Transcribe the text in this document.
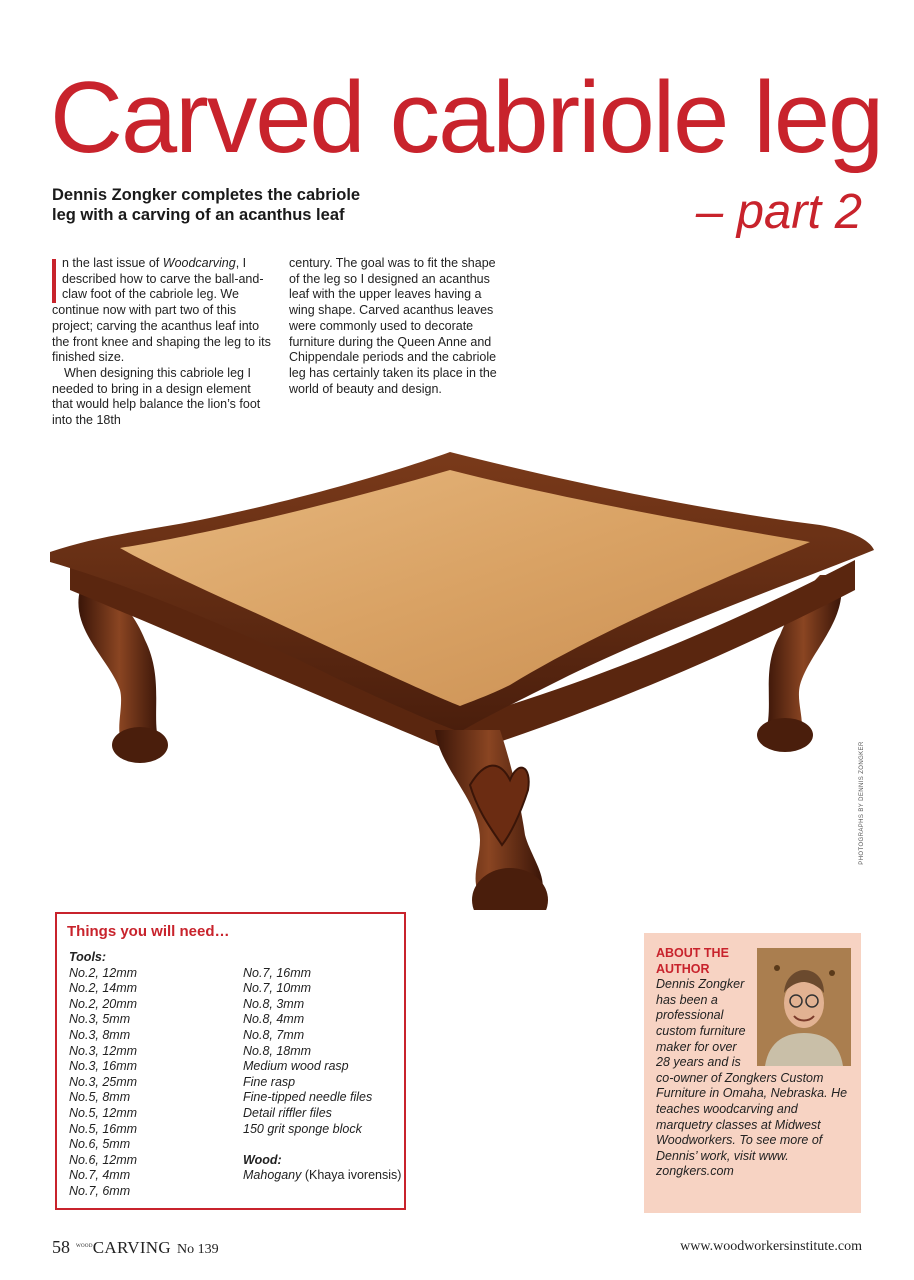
Carved cabriole leg
Dennis Zongker completes the cabriole
leg with a carving of an acanthus leaf	– part 2

n the last issue of Woodcarving, I described how to carve the ball-and-claw foot of the cabriole leg. We continue now with part two of this project; carving the acanthus leaf into the front knee and shaping the leg to its finished size.

When designing this cabriole leg I needed to bring in a design element that would help balance the lion’s foot into the 18th

century. The goal was to fit the shape of the leg so I designed an acanthus leaf with the upper leaves having a wing shape. Carved acanthus leaves were commonly used to decorate furniture during the Queen Anne and Chippendale periods and the cabriole leg has certainly taken its place in the world of beauty and design.

PHOTOGRAPHS BY DENNIS ZONGKER
Things you will need…
Tools:
No.2, 12mm
No.2, 14mm
No.2, 20mm
No.3, 5mm
No.3, 8mm
No.3, 12mm
No.3, 16mm
No.3, 25mm
No.5, 8mm
No.5, 12mm
No.5, 16mm
No.6, 5mm
No.6, 12mm
No.7, 4mm
No.7, 6mm
No.7, 16mm
No.7, 10mm
No.8, 3mm
No.8, 4mm
No.8, 7mm
No.8, 18mm
Medium wood rasp
Fine rasp
Fine-tipped needle files
Detail riffler files
150 grit sponge block
Wood:
Mahogany (Khaya ivorensis)
ABOUT THE
AUTHOR

Dennis Zongker has been a professional custom furniture maker for over 28 years and is co-owner of Zongkers Custom Furniture in Omaha, Nebraska. He teaches woodcarving and marquetry classes at Midwest Woodworkers. To see more of Dennis’ work, visit www. zongkers.com

58 $^{WOOD}$CARVING No 139	www.woodworkersinstitute.com
